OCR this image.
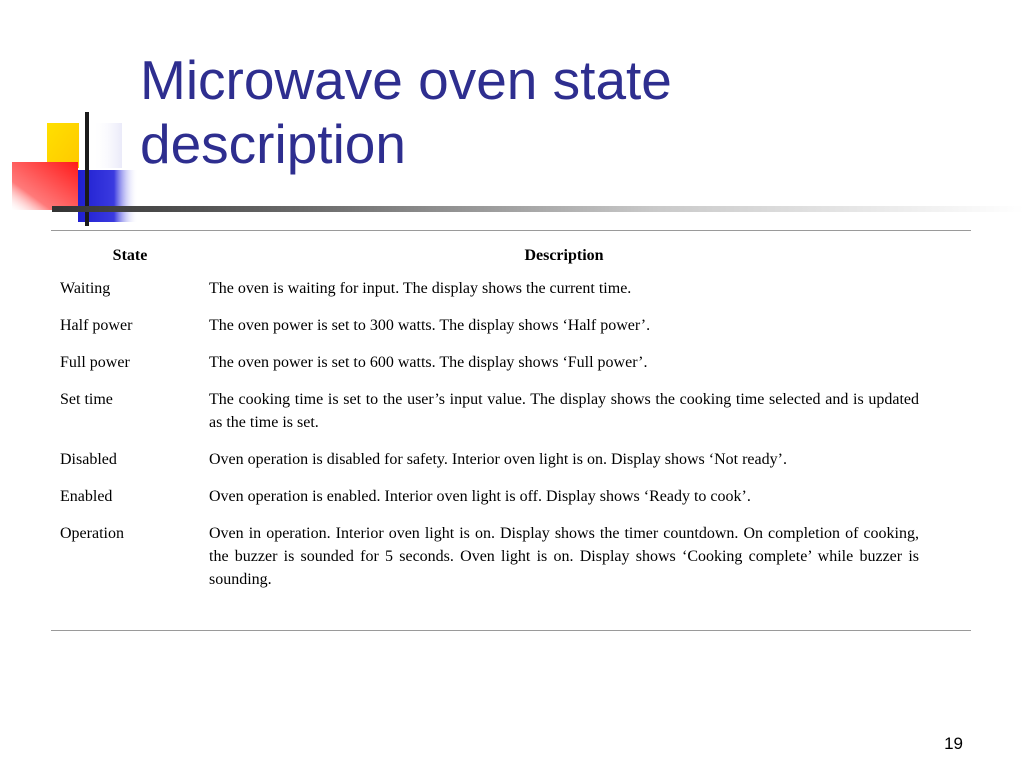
Microwave oven state
description
State	Description
Waiting	The oven is waiting for input. The display shows the current time.
Half power	The oven power is set to 300 watts. The display shows ‘Half power’.
Full power	The oven power is set to 600 watts. The display shows ‘Full power’.
Set time	The cooking time is set to the user’s input value. The display shows the cooking time selected and is updated as the time is set.
Disabled	Oven operation is disabled for safety. Interior oven light is on. Display shows ‘Not ready’.
Enabled	Oven operation is enabled. Interior oven light is off. Display shows ‘Ready to cook’.
Operation	Oven in operation. Interior oven light is on. Display shows the timer countdown. On completion of cooking, the buzzer is sounded for 5 seconds. Oven light is on. Display shows ‘Cooking complete’ while buzzer is sounding.
19
